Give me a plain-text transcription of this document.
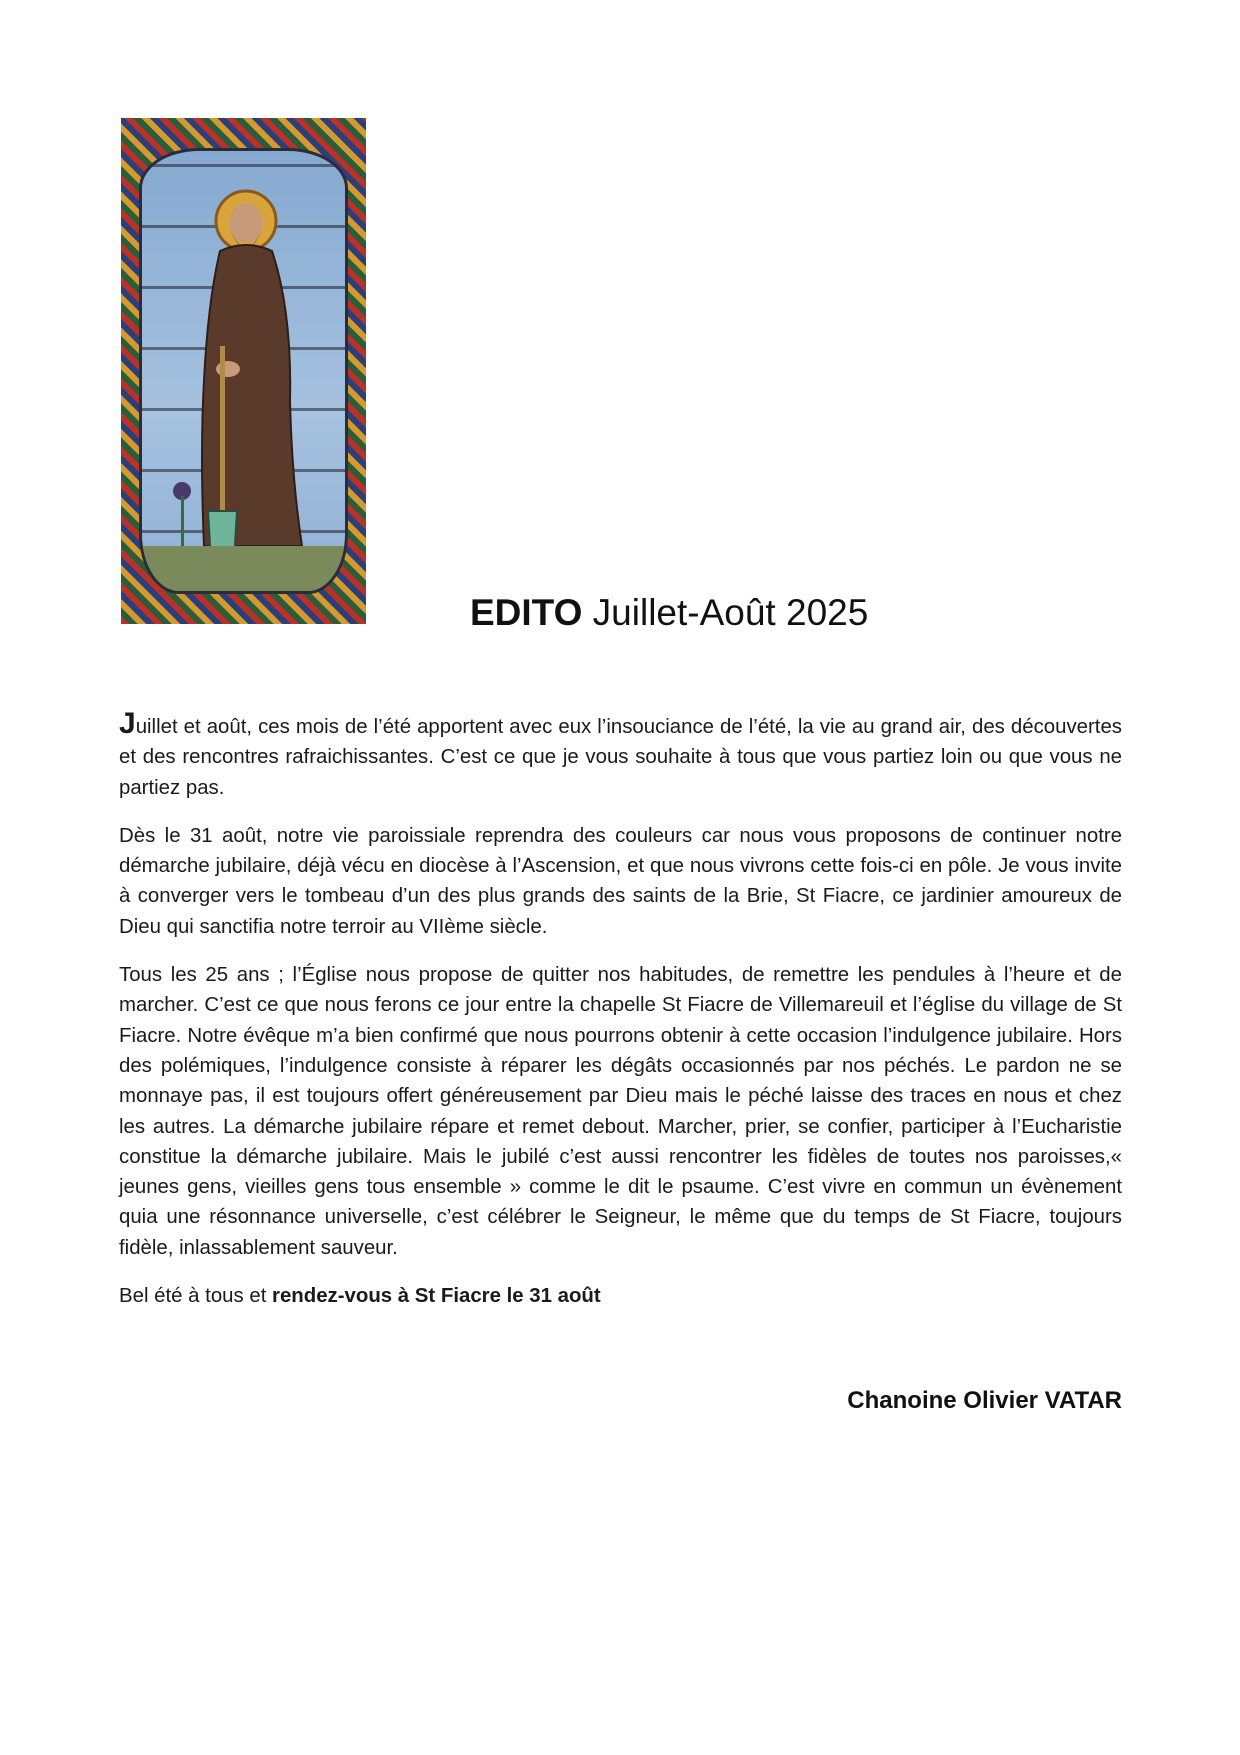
EDITO Juillet-Août 2025

Juillet et août, ces mois de l’été apportent avec eux l’insouciance de l’été, la vie au grand air, des découvertes et des rencontres rafraichissantes. C’est ce que je vous souhaite à tous que vous partiez loin ou que vous ne partiez pas.

Dès le 31 août, notre vie paroissiale reprendra des couleurs car nous vous proposons de continuer notre démarche jubilaire, déjà vécu en diocèse à l’Ascension, et que nous vivrons cette fois-ci en pôle. Je vous invite à converger vers le tombeau d’un des plus grands des saints de la Brie, St Fiacre, ce jardinier amoureux de Dieu qui sanctifia notre terroir au VIIème siècle.

Tous les 25 ans ; l’Église nous propose de quitter nos habitudes, de remettre les pendules à l’heure et de marcher. C’est ce que nous ferons ce jour entre la chapelle St Fiacre de Villemareuil et l’église du village de St Fiacre. Notre évêque m’a bien confirmé que nous pourrons obtenir à cette occasion l’indulgence jubilaire. Hors des polémiques, l’indulgence consiste à réparer les dégâts occasionnés par nos péchés. Le pardon ne se monnaye pas, il est toujours offert généreusement par Dieu mais le péché laisse des traces en nous et chez les autres. La démarche jubilaire répare et remet debout. Marcher, prier, se confier, participer à l’Eucharistie constitue la démarche jubilaire. Mais le jubilé c’est aussi rencontrer les fidèles de toutes nos paroisses,« jeunes gens, vieilles gens tous ensemble » comme le dit le psaume. C’est vivre en commun un évènement quia une résonnance universelle, c’est célébrer le Seigneur, le même que du temps de St Fiacre, toujours fidèle, inlassablement sauveur.

Bel été à tous et rendez-vous à St Fiacre le 31 août

Chanoine Olivier VATAR
